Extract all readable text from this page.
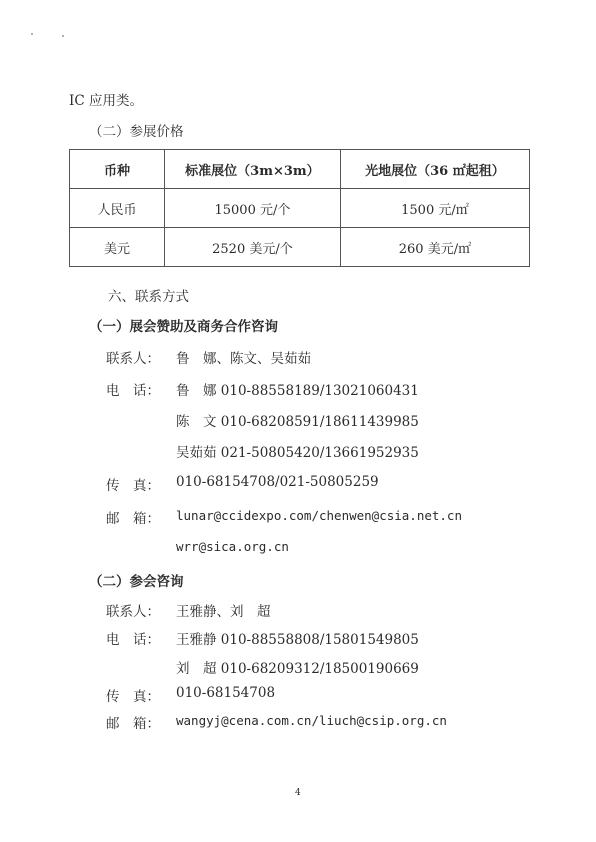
IC 应用类。
（二）参展价格
币种	标准展位（3m×3m）	光地展位（36 ㎡起租）
人民币	15000 元/个	1500 元/㎡
美元	2520 美元/个	260 美元/㎡
六、联系方式
（一）展会赞助及商务合作咨询
联系人： 鲁　娜、陈文、吴茹茹
电　话： 鲁　娜 010-88558189/13021060431
陈　文 010-68208591/18611439985
吴茹茹 021-50805420/13661952935
传　真： 010-68154708/021-50805259
邮　箱： lunar@ccidexpo.com/chenwen@csia.net.cn
wrr@sica.org.cn
（二）参会咨询
联系人： 王雅静、刘　超
电　话： 王雅静 010-88558808/15801549805
刘　超 010-68209312/18500190669
传　真： 010-68154708
邮　箱： wangyj@cena.com.cn/liuch@csip.org.cn
4
